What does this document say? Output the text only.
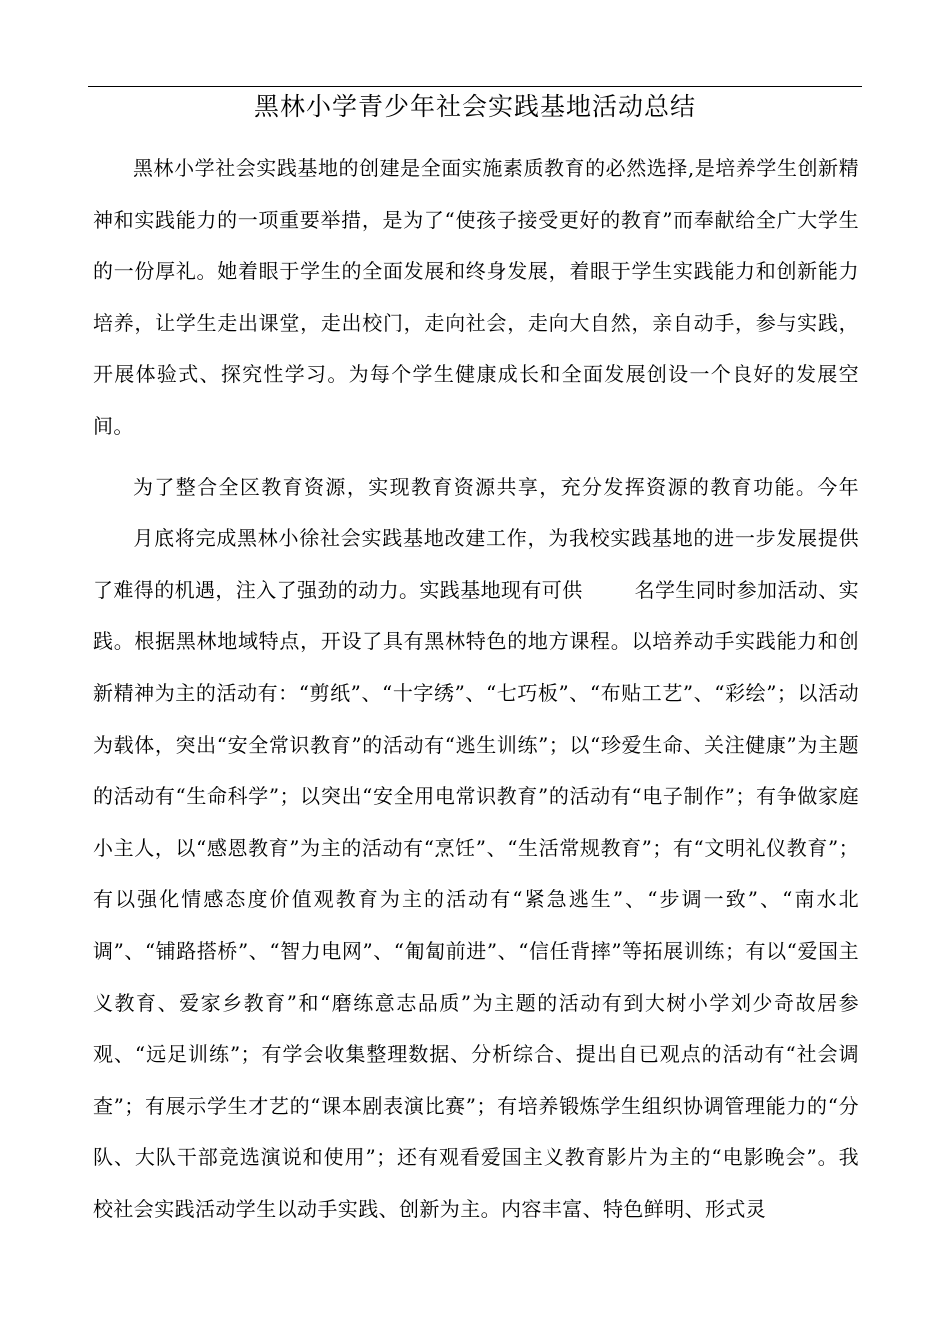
黑林小学青少年社会实践基地活动总结

黑林小学社会实践基地的创建是全面实施素质教育的必然选择,是培养学生创新精神和实践能力的一项重要举措，是为了“使孩子接受更好的教育”而奉献给全广大学生的一份厚礼。她着眼于学生的全面发展和终身发展，着眼于学生实践能力和创新能力培养，让学生走出课堂，走出校门，走向社会，走向大自然，亲自动手，参与实践，开展体验式、探究性学习。为每个学生健康成长和全面发展创设一个良好的发展空间。

为了整合全区教育资源，实现教育资源共享，充分发挥资源的教育功能。今年月底将完成黑林小徐社会实践基地改建工作，为我校实践基地的进一步发展提供了难得的机遇，注入了强劲的动力。实践基地现有可供	名学生同时参加活动、实践。根据黑林地域特点，开设了具有黑林特色的地方课程。以培养动手实践能力和创新精神为主的活动有：“剪纸”、“十字绣”、“七巧板”、“布贴工艺”、“彩绘”；以活动为载体，突出“安全常识教育”的活动有“逃生训练”；以“珍爱生命、关注健康”为主题的活动有“生命科学”；以突出“安全用电常识教育”的活动有“电子制作”；有争做家庭小主人，以“感恩教育”为主的活动有“烹饪”、“生活常规教育”；有“文明礼仪教育”；有以强化情感态度价值观教育为主的活动有“紧急逃生”、“步调一致”、“南水北调”、“铺路搭桥”、“智力电网”、“匍匐前进”、“信任背摔”等拓展训练；有以“爱国主义教育、爱家乡教育”和“磨练意志品质”为主题的活动有到大树小学刘少奇故居参观、“远足训练”；有学会收集整理数据、分析综合、提出自已观点的活动有“社会调查”；有展示学生才艺的“课本剧表演比赛”；有培养锻炼学生组织协调管理能力的“分队、大队干部竞选演说和使用”；还有观看爱国主义教育影片为主的“电影晚会”。我校社会实践活动学生以动手实践、创新为主。内容丰富、特色鲜明、形式灵
